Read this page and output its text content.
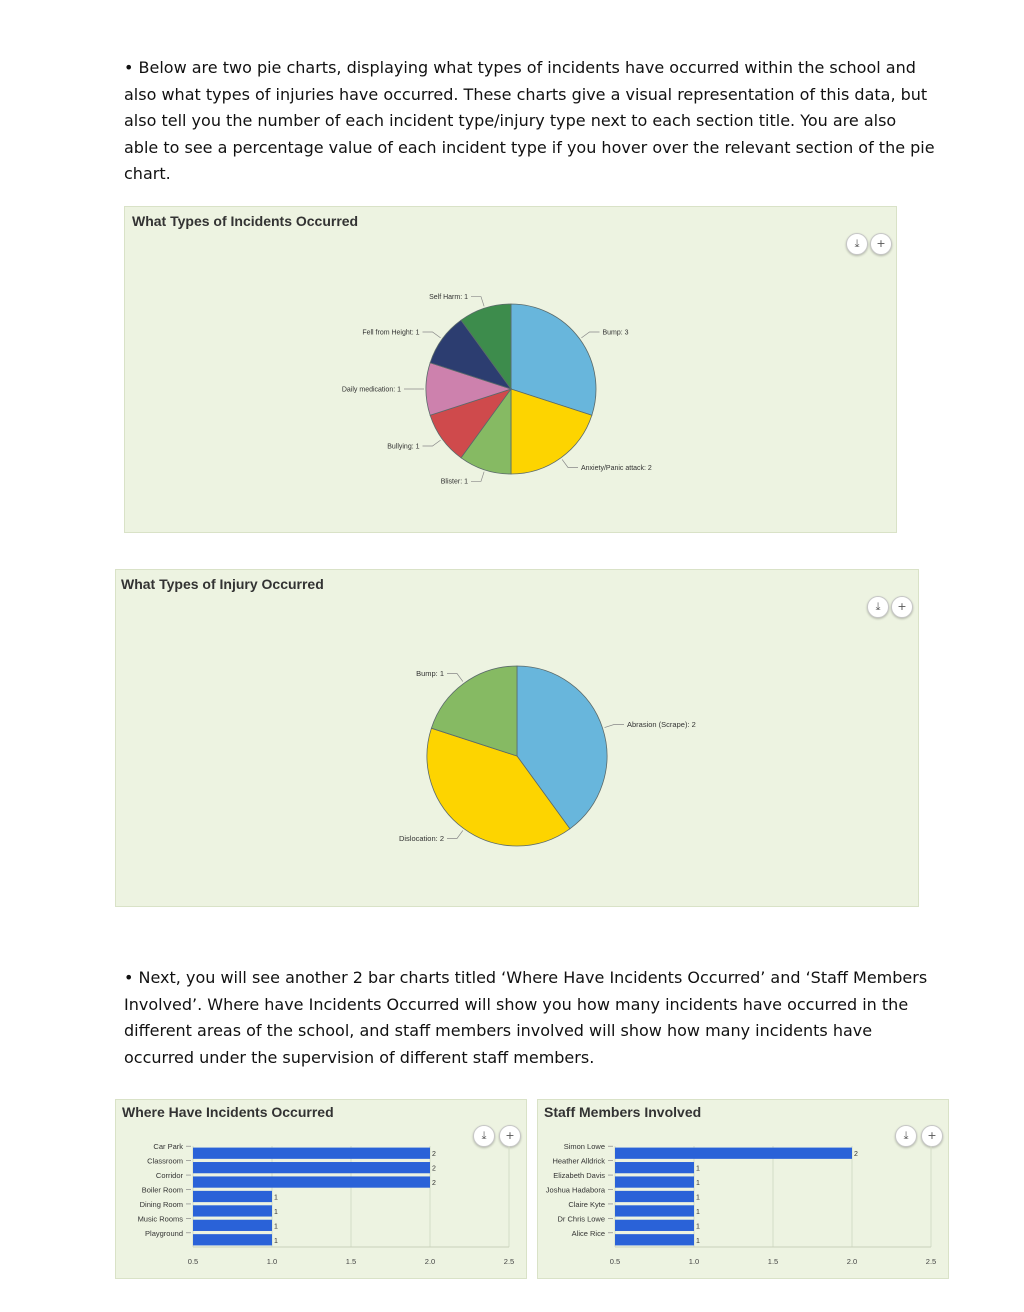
• Below are two pie charts, displaying what types of incidents have occurred within the school and
also what types of injuries have occurred. These charts give a visual representation of this data, but
also tell you the number of each incident type/injury type next to each section title. You are also
able to see a percentage value of each incident type if you hover over the relevant section of the pie
chart.
What Types of Incidents Occurred
⤓	+
Bump: 3
Anxiety/Panic attack: 2
Blister: 1
Bullying: 1
Daily medication: 1
Fell from Height: 1
Self Harm: 1
What Types of Injury Occurred
⤓	+
Abrasion (Scrape): 2
Dislocation: 2
Bump: 1
• Next, you will see another 2 bar charts titled ‘Where Have Incidents Occurred’ and ‘Staff Members
Involved’. Where have Incidents Occurred will show you how many incidents have occurred in the
different areas of the school, and staff members involved will show how many incidents have
occurred under the supervision of different staff members.
Where Have Incidents Occurred
⤓	+
0.5	1.0	1.5	2.0	2.5
2
Car Park
2
Classroom
2
Corridor
1
Boiler Room
1
Dining Room
1
Music Rooms
1
Playground
Staff Members Involved
⤓	+
0.5	1.0	1.5	2.0	2.5
2
Simon Lowe
1
Heather Alldrick
1
Elizabeth Davis
1
Joshua Hadabora
1
Claire Kyte
1
Dr Chris Lowe
1
Alice Rice
